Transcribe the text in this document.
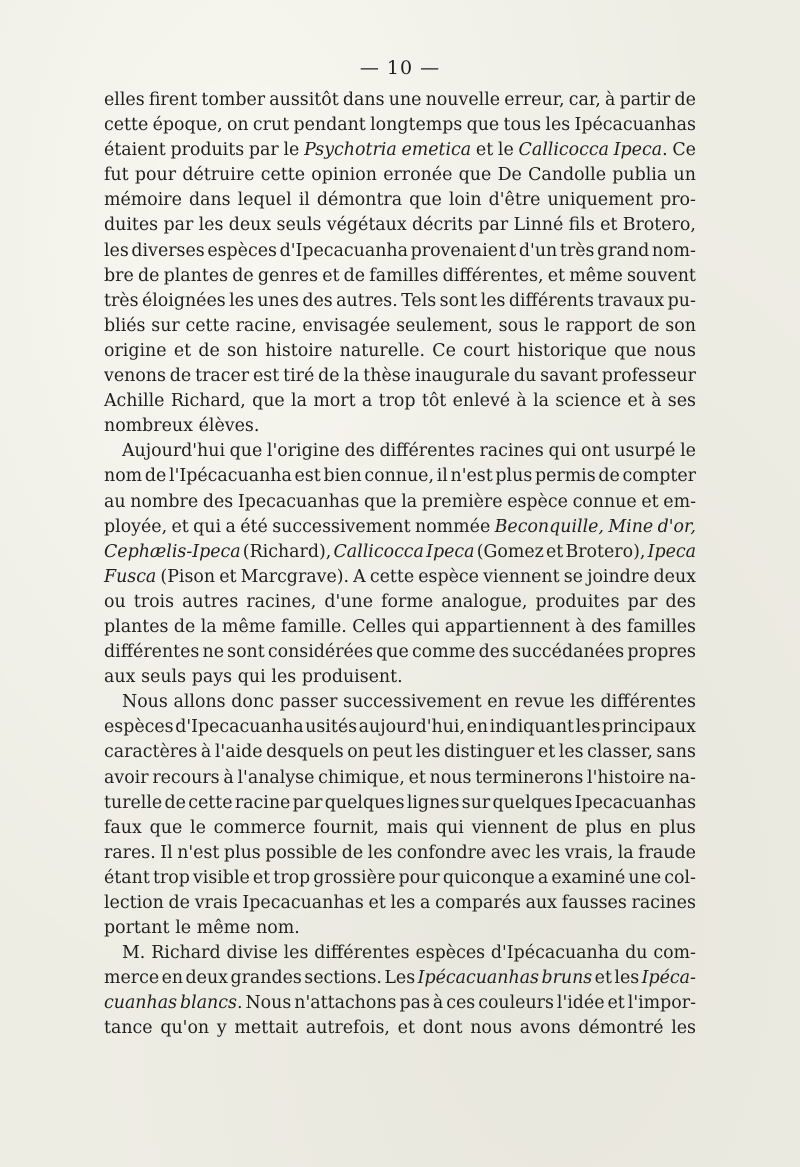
— 10 —
elles firent tomber aussitôt dans une nouvelle erreur, car, à partir de
cette époque, on crut pendant longtemps que tous les Ipécacuanhas
étaient produits par le Psychotria emetica et le Callicocca Ipeca. Ce
fut pour détruire cette opinion erronée que De Candolle publia un
mémoire dans lequel il démontra que loin d'être uniquement pro-
duites par les deux seuls végétaux décrits par Linné fils et Brotero,
les diverses espèces d'Ipecacuanha provenaient d'un très grand nom-
bre de plantes de genres et de familles différentes, et même souvent
très éloignées les unes des autres. Tels sont les différents travaux pu-
bliés sur cette racine, envisagée seulement, sous le rapport de son
origine et de son histoire naturelle. Ce court historique que nous
venons de tracer est tiré de la thèse inaugurale du savant professeur
Achille Richard, que la mort a trop tôt enlevé à la science et à ses
nombreux élèves.
Aujourd'hui que l'origine des différentes racines qui ont usurpé le
nom de l'Ipécacuanha est bien connue, il n'est plus permis de compter
au nombre des Ipecacuanhas que la première espèce connue et em-
ployée, et qui a été successivement nommée Beconquille, Mine d'or,
Cephælis-Ipeca (Richard), Callicocca Ipeca (Gomez et Brotero), Ipeca
Fusca (Pison et Marcgrave). A cette espèce viennent se joindre deux
ou trois autres racines, d'une forme analogue, produites par des
plantes de la même famille. Celles qui appartiennent à des familles
différentes ne sont considérées que comme des succédanées propres
aux seuls pays qui les produisent.
Nous allons donc passer successivement en revue les différentes
espèces d'Ipecacuanha usités aujourd'hui, en indiquant les principaux
caractères à l'aide desquels on peut les distinguer et les classer, sans
avoir recours à l'analyse chimique, et nous terminerons l'histoire na-
turelle de cette racine par quelques lignes sur quelques Ipecacuanhas
faux que le commerce fournit, mais qui viennent de plus en plus
rares. Il n'est plus possible de les confondre avec les vrais, la fraude
étant trop visible et trop grossière pour quiconque a examiné une col-
lection de vrais Ipecacuanhas et les a comparés aux fausses racines
portant le même nom.
M. Richard divise les différentes espèces d'Ipécacuanha du com-
merce en deux grandes sections. Les Ipécacuanhas bruns et les Ipéca-
cuanhas blancs. Nous n'attachons pas à ces couleurs l'idée et l'impor-
tance qu'on y mettait autrefois, et dont nous avons démontré les
